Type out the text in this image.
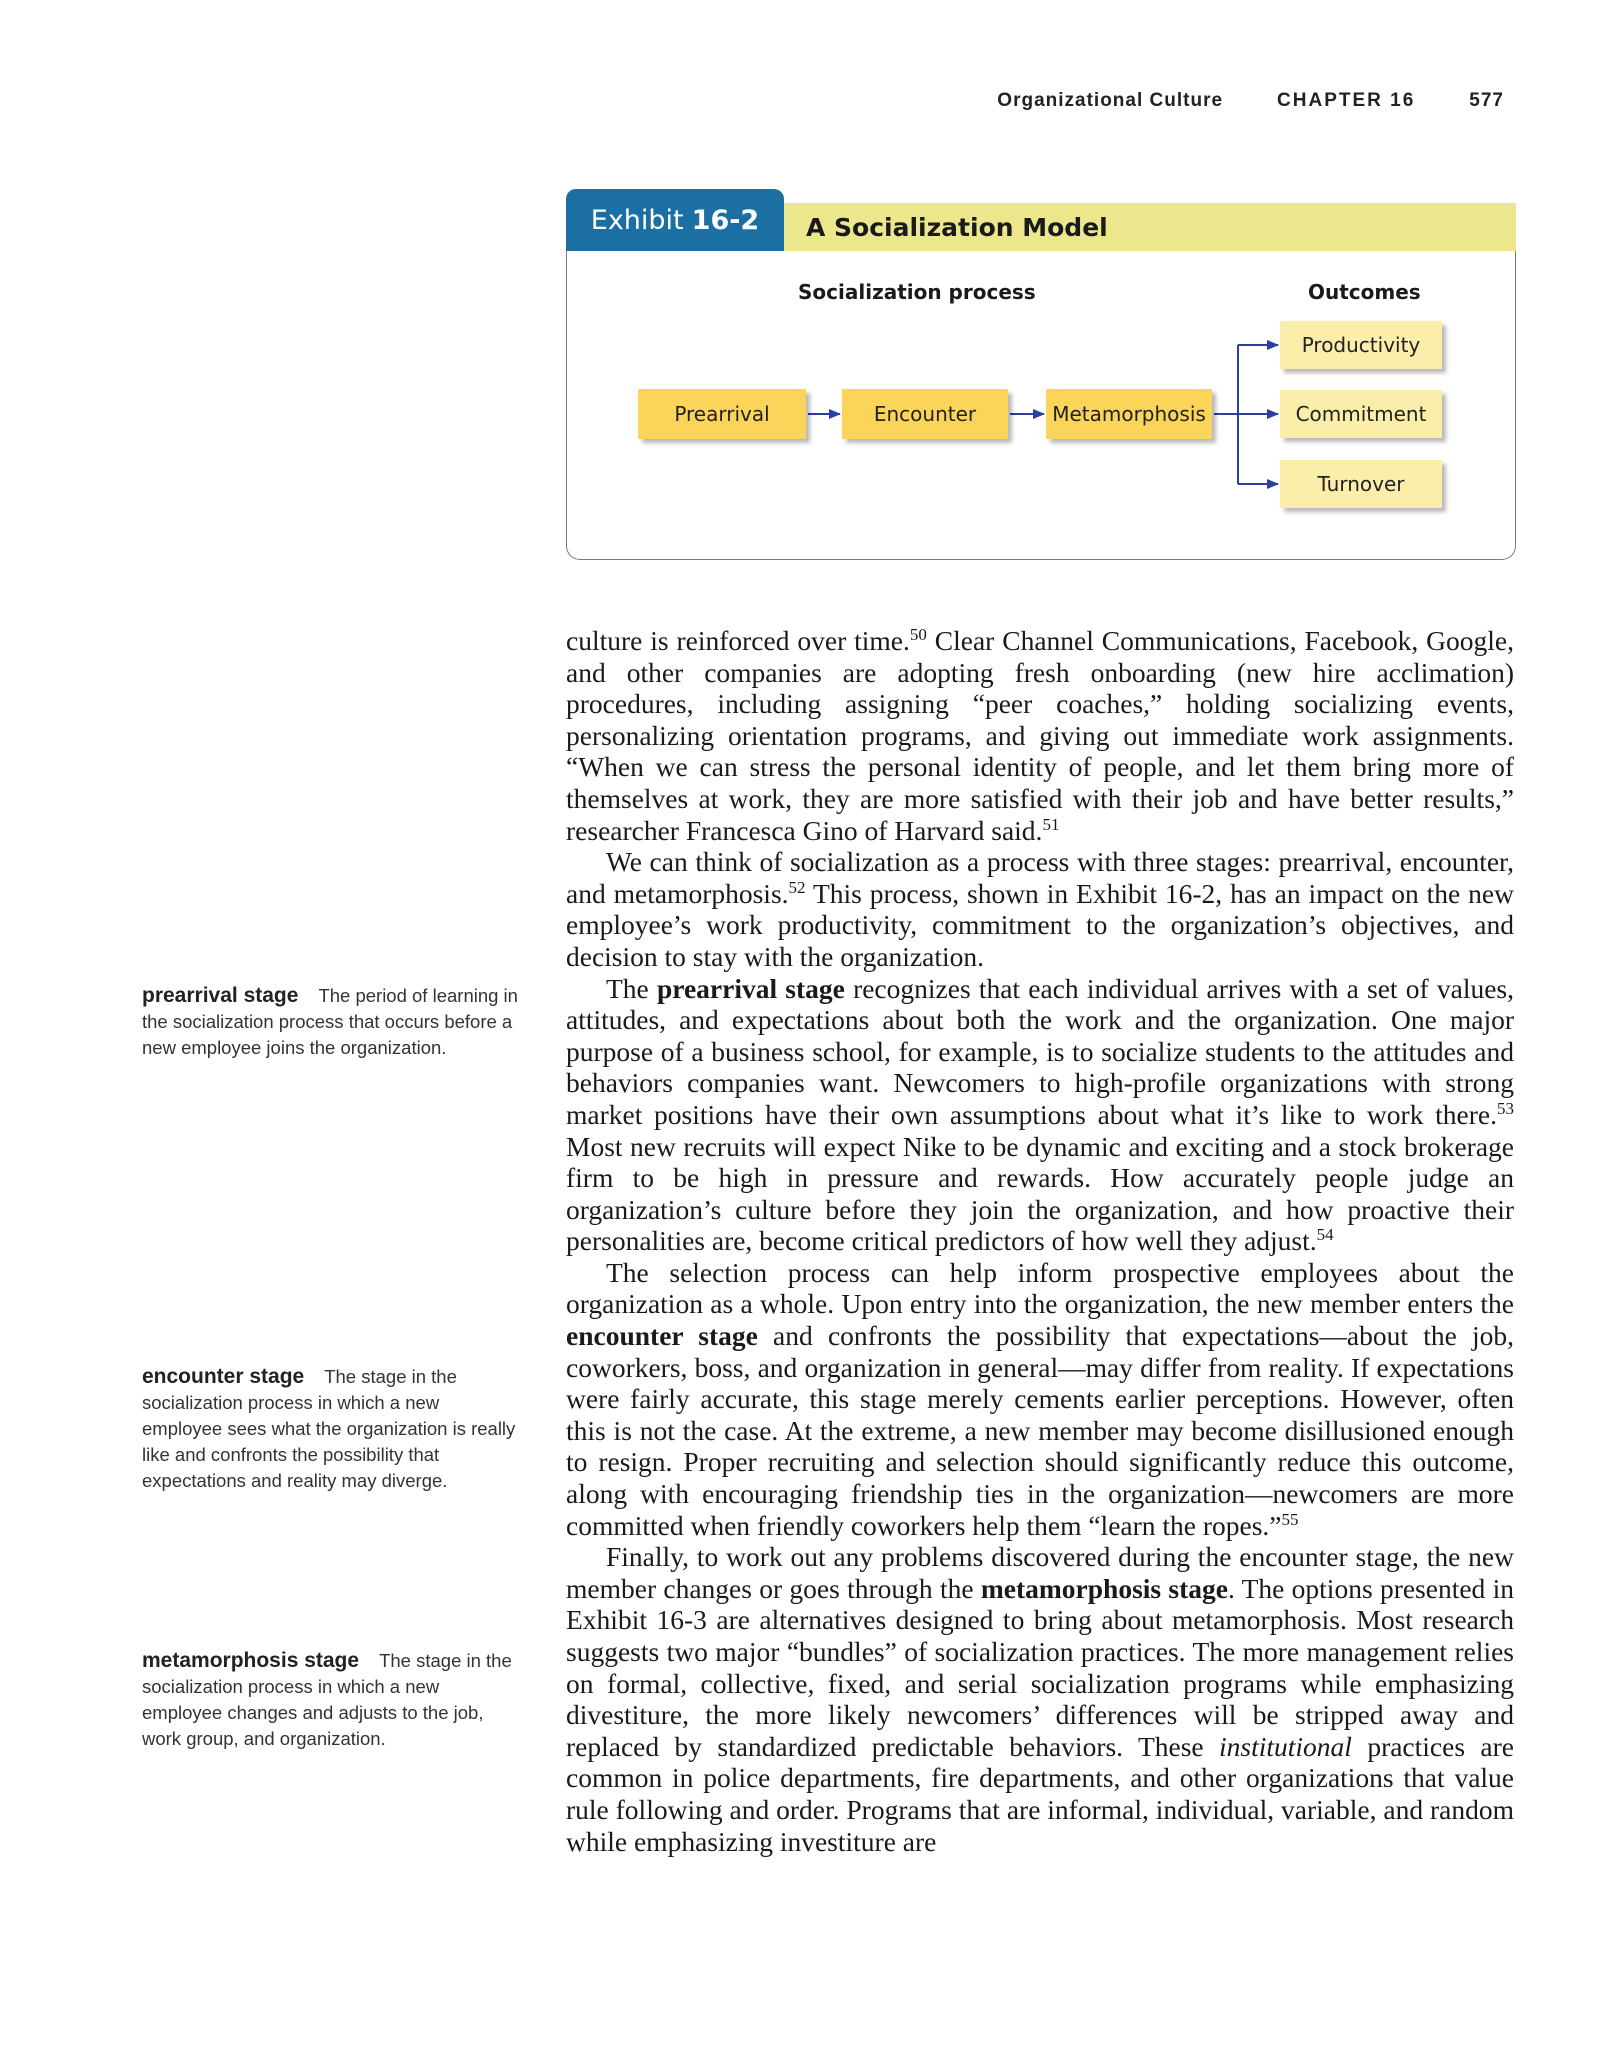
Organizational Culture	CHAPTER 16	577
Exhibit 16-2	A Socialization Model
Socialization process	Outcomes
Prearrival	Encounter	Metamorphosis
Productivity
Commitment
Turnover
prearrival stage The period of learning in the socialization process that occurs before a new employee joins the organization.
encounter stage The stage in the socialization process in which a new employee sees what the organization is really like and confronts the possibility that expectations and reality may diverge.
metamorphosis stage The stage in the socialization process in which a new employee changes and adjusts to the job, work group, and organization.

culture is reinforced over time.$^{50}$ Clear Channel Communications, Facebook, Google, and other companies are adopting fresh onboarding (new hire acclimation) procedures, including assigning “peer coaches,” holding socializing events, personalizing orientation programs, and giving out immediate work assignments. “When we can stress the personal identity of people, and let them bring more of themselves at work, they are more satisfied with their job and have better results,” researcher Francesca Gino of Harvard said.$^{51}$

We can think of socialization as a process with three stages: prearrival, encounter, and metamorphosis.$^{52}$ This process, shown in Exhibit 16-2, has an impact on the new employee’s work productivity, commitment to the organization’s objectives, and decision to stay with the organization.

The prearrival stage recognizes that each individual arrives with a set of values, attitudes, and expectations about both the work and the organization. One major purpose of a business school, for example, is to socialize students to the attitudes and behaviors companies want. Newcomers to high-profile organizations with strong market positions have their own assumptions about what it’s like to work there.$^{53}$ Most new recruits will expect Nike to be dynamic and exciting and a stock brokerage firm to be high in pressure and rewards. How accurately people judge an organization’s culture before they join the organization, and how proactive their personalities are, become critical predictors of how well they adjust.$^{54}$

The selection process can help inform prospective employees about the organization as a whole. Upon entry into the organization, the new member enters the encounter stage and confronts the possibility that expectations—about the job, coworkers, boss, and organization in general—may differ from reality. If expectations were fairly accurate, this stage merely cements earlier perceptions. However, often this is not the case. At the extreme, a new member may become disillusioned enough to resign. Proper recruiting and selection should significantly reduce this outcome, along with encouraging friendship ties in the organization—newcomers are more committed when friendly coworkers help them “learn the ropes.”$^{55}$

Finally, to work out any problems discovered during the encounter stage, the new member changes or goes through the metamorphosis stage. The options presented in Exhibit 16-3 are alternatives designed to bring about metamorphosis. Most research suggests two major “bundles” of socialization practices. The more management relies on formal, collective, fixed, and serial socialization programs while emphasizing divestiture, the more likely newcomers’ differences will be stripped away and replaced by standardized predictable behaviors. These institutional practices are common in police departments, fire departments, and other organizations that value rule following and order. Programs that are informal, individual, variable, and random while emphasizing investiture are
